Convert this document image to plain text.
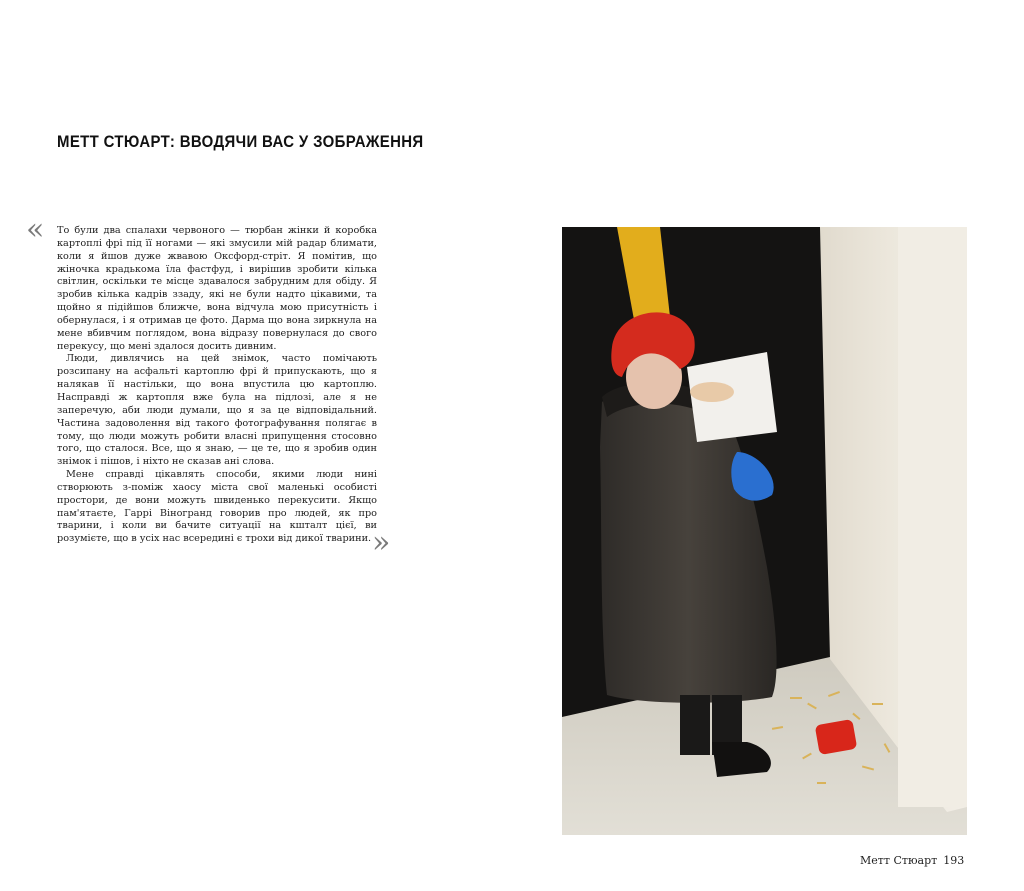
МЕТТ СТЮАРТ: ВВОДЯЧИ ВАС У ЗОБРАЖЕННЯ
« То були два спалахи червоного — тюрбан жінки й коробка картоплі фрі під її ногами — які змусили мій радар блимати, коли я йшов дуже жвавою Оксфорд-стріт. Я помітив, що жіночка крадькома їла фастфуд, і вирішив зробити кілька світлин, оскільки те місце здавалося забрудним для обіду. Я зробив кілька кадрів ззаду, які не були надто цікавими, та щойно я підійшов ближче, вона відчула мою присутність і обернулася, і я отримав це фото. Дарма що вона зиркнула на мене вбивчим поглядом, вона відразу повернулася до свого перекусу, що мені здалося досить дивним.

Люди, дивлячись на цей знімок, часто помічають розсипану на асфальті картоплю фрі й припускають, що я налякав її настільки, що вона впустила цю картоплю. Насправді ж картопля вже була на підлозі, але я не заперечую, аби люди думали, що я за це відповідальний. Частина задоволення від такого фотографування полягає в тому, що люди можуть робити власні припущення стосовно того, що сталося. Все, що я знаю, — це те, що я зробив один знімок і пішов, і ніхто не сказав ані слова.

Мене справді цікавлять способи, якими люди нині створюють з-поміж хаосу міста свої маленькі особисті простори, де вони можуть швиденько перекусити. Якщо пам'ятаєте, Гаррі Віногранд говорив про людей, як про тварини, і коли ви бачите ситуації на кшталт цієї, ви розумієте, що в усіх нас всередині є трохи від дикої тварини. »
Метт Стюарт 193
